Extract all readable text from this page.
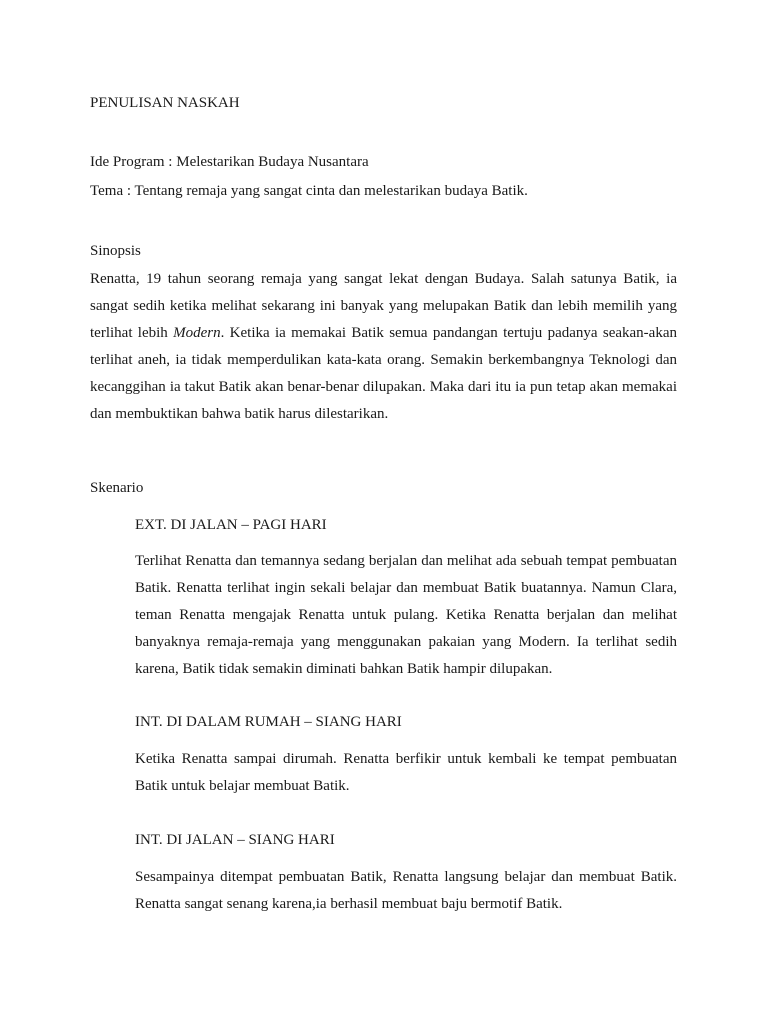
PENULISAN NASKAH

Ide Program : Melestarikan Budaya Nusantara

Tema : Tentang remaja yang sangat cinta dan melestarikan budaya Batik.

Sinopsis

Renatta, 19 tahun seorang remaja yang sangat lekat dengan Budaya. Salah satunya Batik, ia sangat sedih ketika melihat sekarang ini banyak yang melupakan Batik dan lebih memilih yang terlihat lebih Modern. Ketika ia memakai Batik semua pandangan tertuju padanya seakan-akan terlihat aneh, ia tidak memperdulikan kata-kata orang. Semakin berkembangnya Teknologi dan kecanggihan ia takut Batik akan benar-benar dilupakan. Maka dari itu ia pun tetap akan memakai dan membuktikan bahwa batik harus dilestarikan.

Skenario

EXT. DI JALAN – PAGI HARI

Terlihat Renatta dan temannya sedang berjalan dan melihat ada sebuah tempat pembuatan Batik. Renatta terlihat ingin sekali belajar dan membuat Batik buatannya. Namun Clara, teman Renatta mengajak Renatta untuk pulang. Ketika Renatta berjalan dan melihat banyaknya remaja-remaja yang menggunakan pakaian yang Modern. Ia terlihat sedih karena, Batik tidak semakin diminati bahkan Batik hampir dilupakan.

INT. DI DALAM RUMAH – SIANG HARI

Ketika Renatta sampai dirumah. Renatta berfikir untuk kembali ke tempat pembuatan Batik untuk belajar membuat Batik.

INT. DI JALAN – SIANG HARI

Sesampainya ditempat pembuatan Batik, Renatta langsung belajar dan membuat Batik. Renatta sangat senang karena,ia berhasil membuat baju bermotif Batik.
